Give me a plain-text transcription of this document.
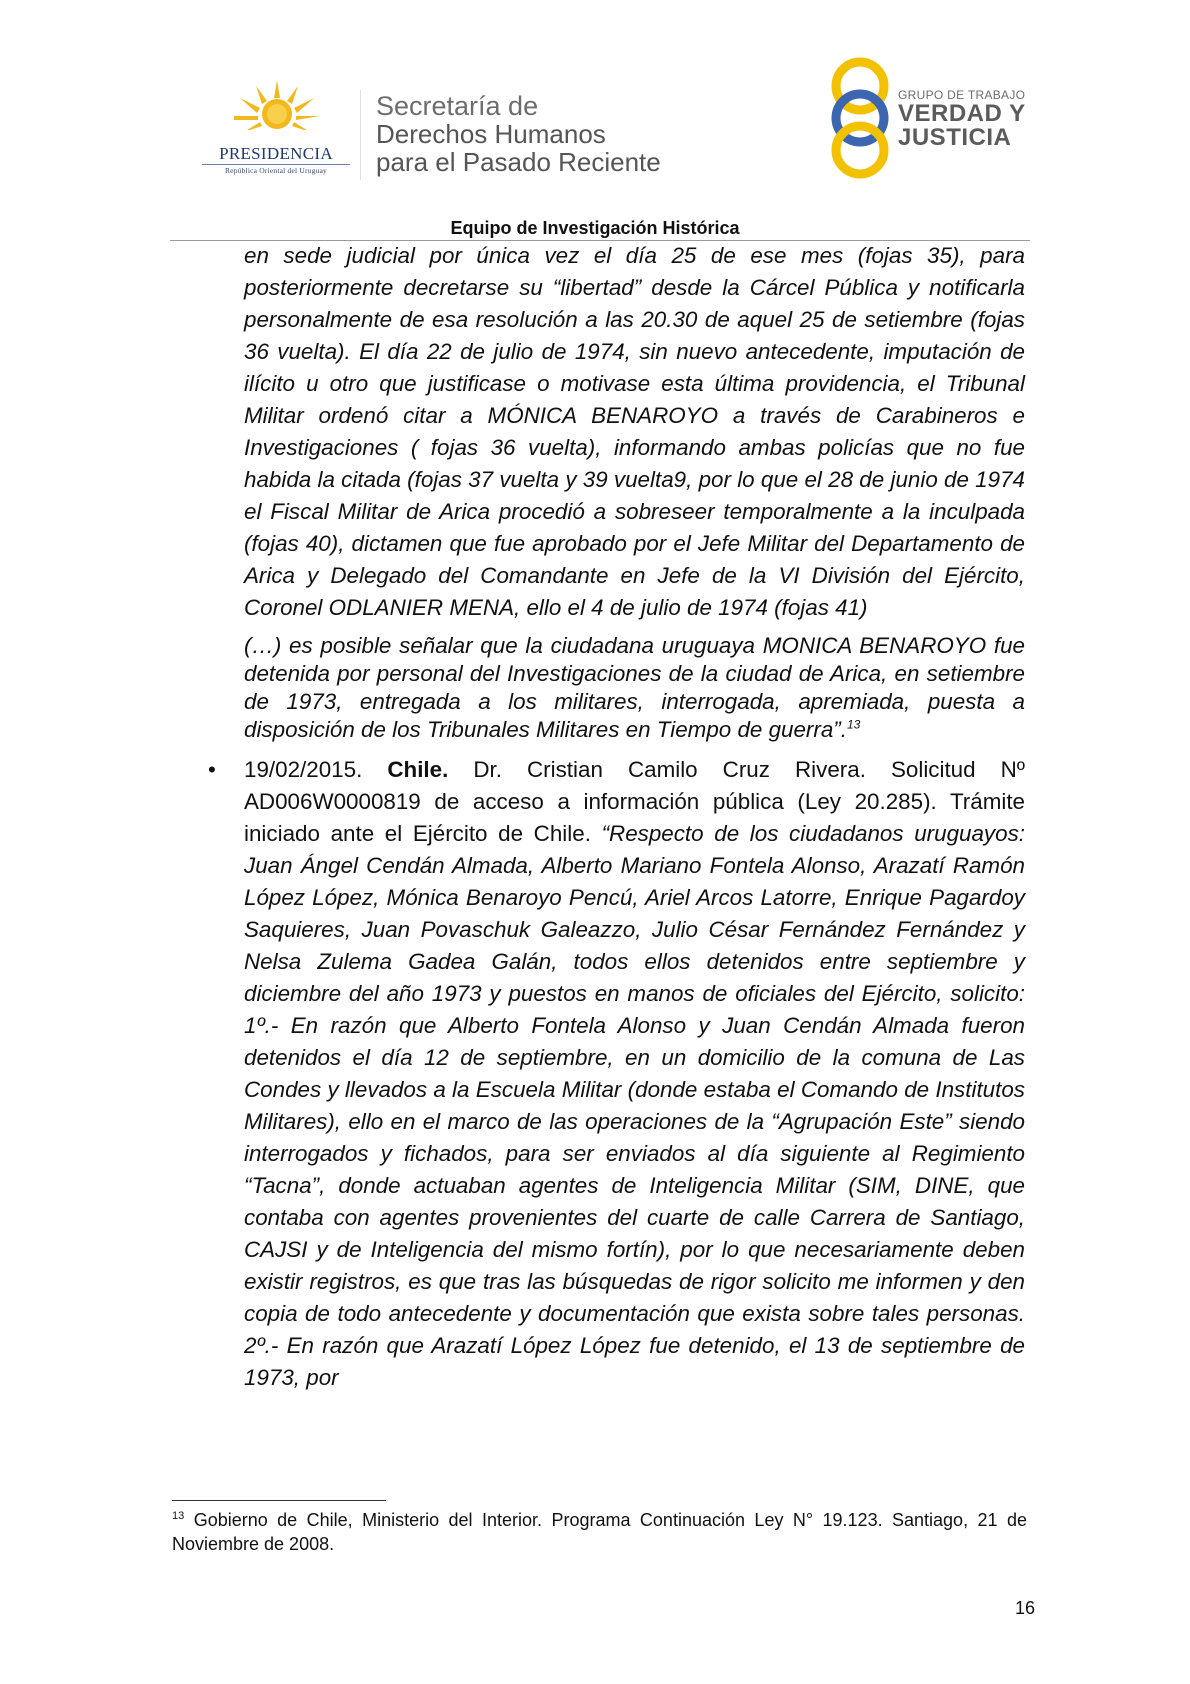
PRESIDENCIA
República Oriental del Uruguay
Secretaría de
Derechos Humanos
para el Pasado Reciente
GRUPO DE TRABAJO
VERDAD Y
JUSTICIA
Equipo de Investigación Histórica

en sede judicial por única vez el día 25 de ese mes (fojas 35), para posteriormente decretarse su “libertad” desde la Cárcel Pública y notificarla personalmente de esa resolución a las 20.30 de aquel 25 de setiembre (fojas 36 vuelta). El día 22 de julio de 1974, sin nuevo antecedente, imputación de ilícito u otro que justificase o motivase esta última providencia, el Tribunal Militar ordenó citar a MÓNICA BENAROYO a través de Carabineros e Investigaciones ( fojas 36 vuelta), informando ambas policías que no fue habida la citada (fojas 37 vuelta y 39 vuelta9, por lo que el 28 de junio de 1974 el Fiscal Militar de Arica procedió a sobreseer temporalmente a la inculpada (fojas 40), dictamen que fue aprobado por el Jefe Militar del Departamento de Arica y Delegado del Comandante en Jefe de la VI División del Ejército, Coronel ODLANIER MENA, ello el 4 de julio de 1974 (fojas 41)

(…) es posible señalar que la ciudadana uruguaya MONICA BENAROYO fue detenida por personal del Investigaciones de la ciudad de Arica, en setiembre de 1973, entregada a los militares, interrogada, apremiada, puesta a disposición de los Tribunales Militares en Tiempo de guerra”.$^{13}$

• 19/02/2015. Chile. Dr. Cristian Camilo Cruz Rivera. Solicitud Nº AD006W0000819 de acceso a información pública (Ley 20.285). Trámite iniciado ante el Ejército de Chile. “Respecto de los ciudadanos uruguayos: Juan Ángel Cendán Almada, Alberto Mariano Fontela Alonso, Arazatí Ramón López López, Mónica Benaroyo Pencú, Ariel Arcos Latorre, Enrique Pagardoy Saquieres, Juan Povaschuk Galeazzo, Julio César Fernández Fernández y Nelsa Zulema Gadea Galán, todos ellos detenidos entre septiembre y diciembre del año 1973 y puestos en manos de oficiales del Ejército, solicito: 1º.- En razón que Alberto Fontela Alonso y Juan Cendán Almada fueron detenidos el día 12 de septiembre, en un domicilio de la comuna de Las Condes y llevados a la Escuela Militar (donde estaba el Comando de Institutos Militares), ello en el marco de las operaciones de la “Agrupación Este” siendo interrogados y fichados, para ser enviados al día siguiente al Regimiento “Tacna”, donde actuaban agentes de Inteligencia Militar (SIM, DINE, que contaba con agentes provenientes del cuarte de calle Carrera de Santiago, CAJSI y de Inteligencia del mismo fortín), por lo que necesariamente deben existir registros, es que tras las búsquedas de rigor solicito me informen y den copia de todo antecedente y documentación que exista sobre tales personas. 2º.- En razón que Arazatí López López fue detenido, el 13 de septiembre de 1973, por

$^{13}$ Gobierno de Chile, Ministerio del Interior. Programa Continuación Ley N° 19.123. Santiago, 21 de Noviembre de 2008.
16
